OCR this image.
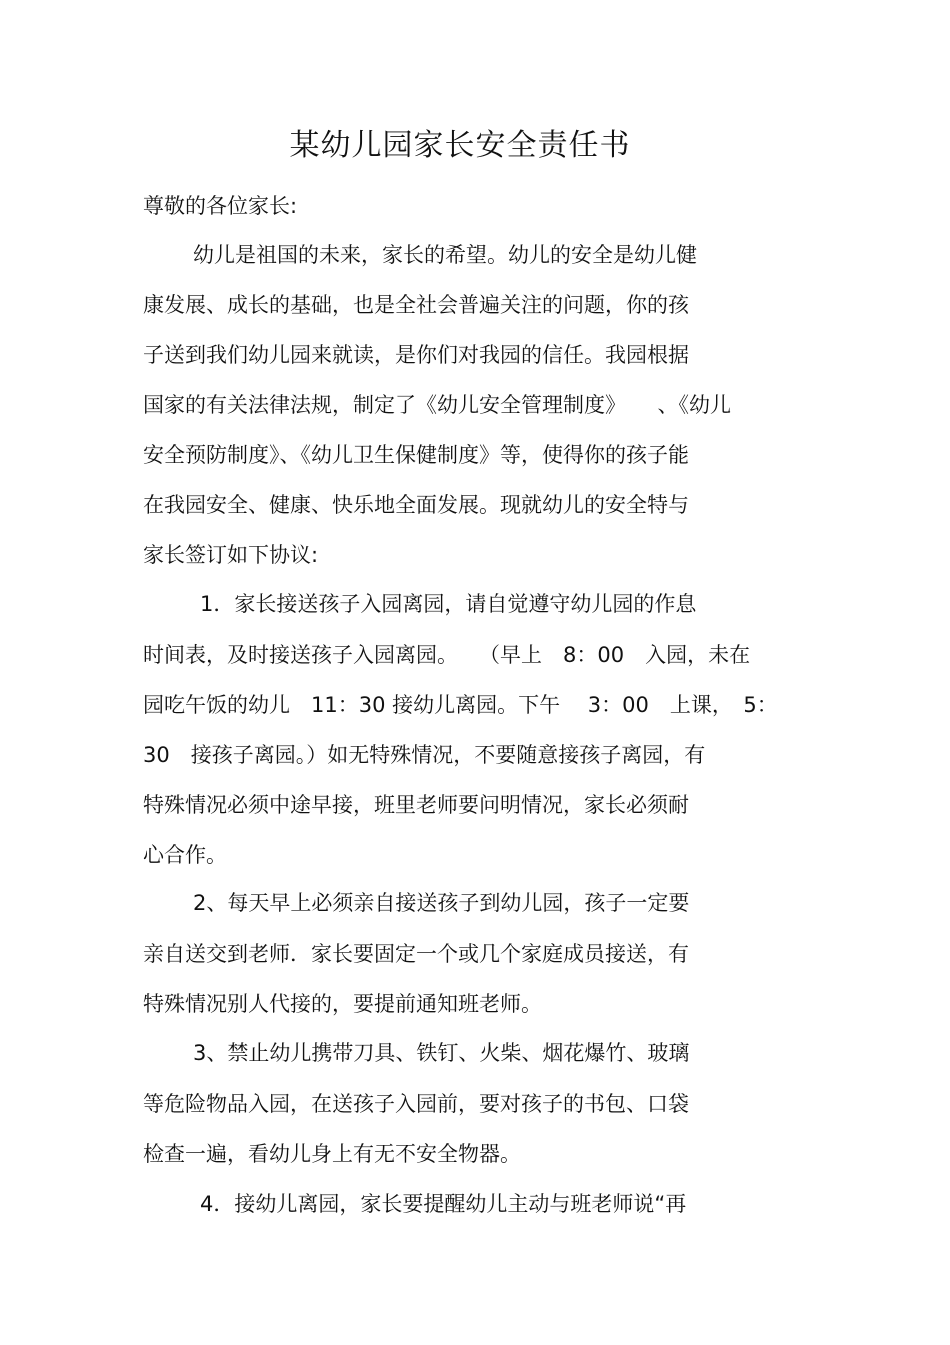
某幼儿园家长安全责任书
尊敬的各位家长:
幼儿是祖国的未来，家长的希望。幼儿的安全是幼儿健
康发展、成长的基础，也是全社会普遍关注的问题，你的孩
子送到我们幼儿园来就读，是你们对我园的信任。我园根据
国家的有关法律法规，制定了《幼儿安全管理制度》　　、《幼儿
安全预防制度》、《幼儿卫生保健制度》等，使得你的孩子能
在我园安全、健康、快乐地全面发展。现就幼儿的安全特与
家长签订如下协议:
1．家长接送孩子入园离园，请自觉遵守幼儿园的作息
时间表，及时接送孩子入园离园。　　（早上　8：00　入园，未在
园吃午饭的幼儿　11：30 接幼儿离园。下午　 3：00　上课，　5：
30　接孩子离园。）如无特殊情况，不要随意接孩子离园，有
特殊情况必须中途早接，班里老师要问明情况，家长必须耐
心合作。
2、每天早上必须亲自接送孩子到幼儿园，孩子一定要
亲自送交到老师．家长要固定一个或几个家庭成员接送，有
特殊情况别人代接的，要提前通知班老师。
3、禁止幼儿携带刀具、铁钉、火柴、烟花爆竹、玻璃
等危险物品入园，在送孩子入园前，要对孩子的书包、口袋
检查一遍，看幼儿身上有无不安全物器。
4．接幼儿离园，家长要提醒幼儿主动与班老师说“再
